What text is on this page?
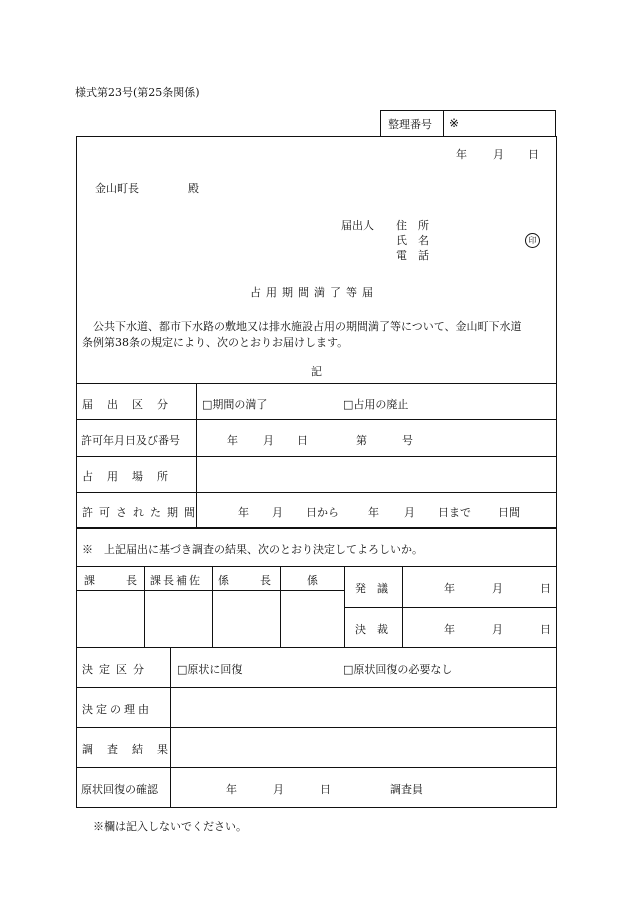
様式第23号(第25条関係)
整理番号 ※
年 月 日
金山町長	殿
届出人 住　所
氏　名
電　話
印
占用期間満了等届
公共下水道、都市下水路の敷地又は排水施設占用の期間満了等について、金山町下水道
条例第38条の規定により、次のとおりお届けします。
記
届出区分 □期間の満了	□占用の廃止
許可年月日及び番号	年 月 日	第	号
占用場所
許可された期間	年 月 日から	年 月 日まで 日間
※　上記届出に基づき調査の結果、次のとおり決定してよろしいか。
課　　長 課長補佐 係　　長	係
発　議	年	月	日
決　裁	年	月	日
決定区分 □原状に回復	□原状回復の必要なし
決定の理由
調査結果
原状回復の確認	年	月	日	調査員
※欄は記入しないでください。
